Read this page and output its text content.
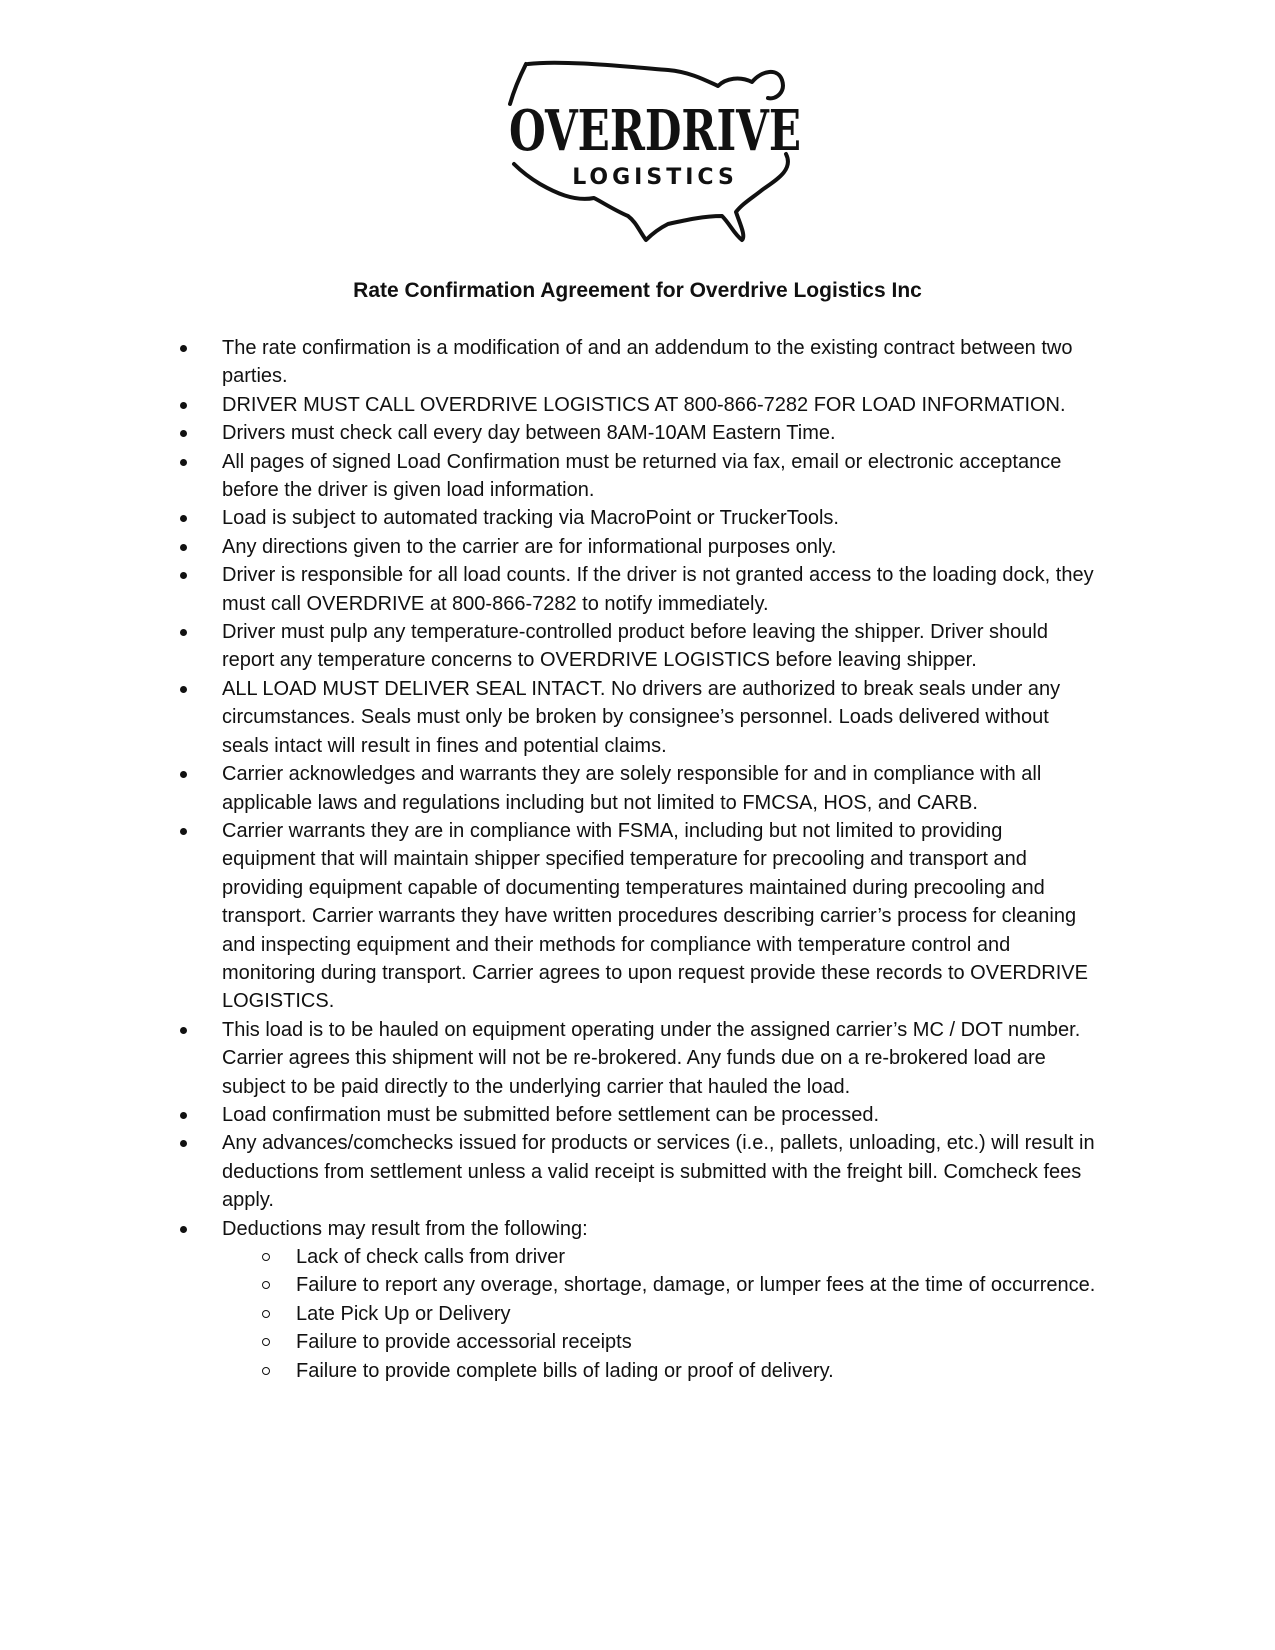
OVERDRIVE
LOGISTICS
Rate Confirmation Agreement for Overdrive Logistics Inc
The rate confirmation is a modification of and an addendum to the existing contract between two parties.
DRIVER MUST CALL OVERDRIVE LOGISTICS AT 800-866-7282 FOR LOAD INFORMATION.
Drivers must check call every day between 8AM-10AM Eastern Time.
All pages of signed Load Confirmation must be returned via fax, email or electronic acceptance before the driver is given load information.
Load is subject to automated tracking via MacroPoint or TruckerTools.
Any directions given to the carrier are for informational purposes only.
Driver is responsible for all load counts. If the driver is not granted access to the loading dock, they must call OVERDRIVE at 800-866-7282 to notify immediately.
Driver must pulp any temperature-controlled product before leaving the shipper. Driver should report any temperature concerns to OVERDRIVE LOGISTICS before leaving shipper.
ALL LOAD MUST DELIVER SEAL INTACT. No drivers are authorized to break seals under any circumstances. Seals must only be broken by consignee’s personnel. Loads delivered without seals intact will result in fines and potential claims.
Carrier acknowledges and warrants they are solely responsible for and in compliance with all applicable laws and regulations including but not limited to FMCSA, HOS, and CARB.
Carrier warrants they are in compliance with FSMA, including but not limited to providing equipment that will maintain shipper specified temperature for precooling and transport and providing equipment capable of documenting temperatures maintained during precooling and transport. Carrier warrants they have written procedures describing carrier’s process for cleaning and inspecting equipment and their methods for compliance with temperature control and monitoring during transport. Carrier agrees to upon request provide these records to OVERDRIVE LOGISTICS.
This load is to be hauled on equipment operating under the assigned carrier’s MC / DOT number. Carrier agrees this shipment will not be re-brokered. Any funds due on a re-brokered load are subject to be paid directly to the underlying carrier that hauled the load.
Load confirmation must be submitted before settlement can be processed.
Any advances/comchecks issued for products or services (i.e., pallets, unloading, etc.) will result in deductions from settlement unless a valid receipt is submitted with the freight bill. Comcheck fees apply.
Deductions may result from the following:
Lack of check calls from driver
Failure to report any overage, shortage, damage, or lumper fees at the time of occurrence.
Late Pick Up or Delivery
Failure to provide accessorial receipts
Failure to provide complete bills of lading or proof of delivery.
